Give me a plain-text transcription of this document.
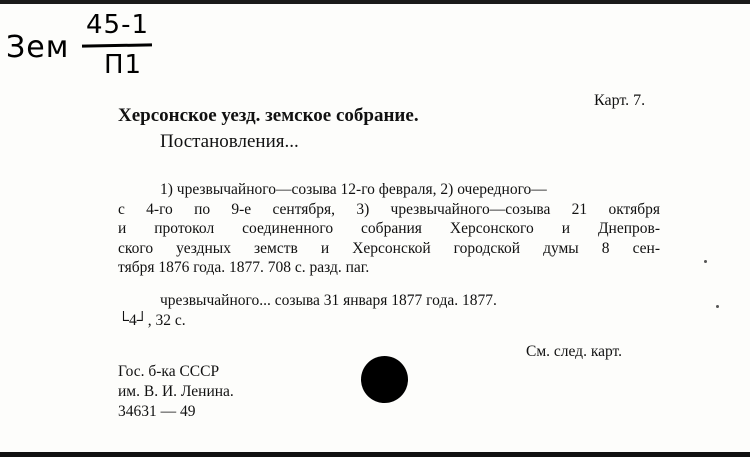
Зем
45-1
П1
Карт. 7.
Херсонское уезд. земское собрание.
Постановления...
1) чрезвычайного—созыва 12-го февраля, 2) очередного—
с 4-го по 9-е сентября, 3) чрезвычайного—созыва 21 октября
и протокол соединенного собрания Херсонского и Днепров-
ского уездных земств и Херсонской городской думы 8 сен-
тября 1876 года. 1877. 708 с. разд. паг.
чрезвычайного... созыва 31 января 1877 года. 1877.
└4┘, 32 с.
См. след. карт.
Гос. б-ка СССР
им. В. И. Ленина.
34631 — 49
